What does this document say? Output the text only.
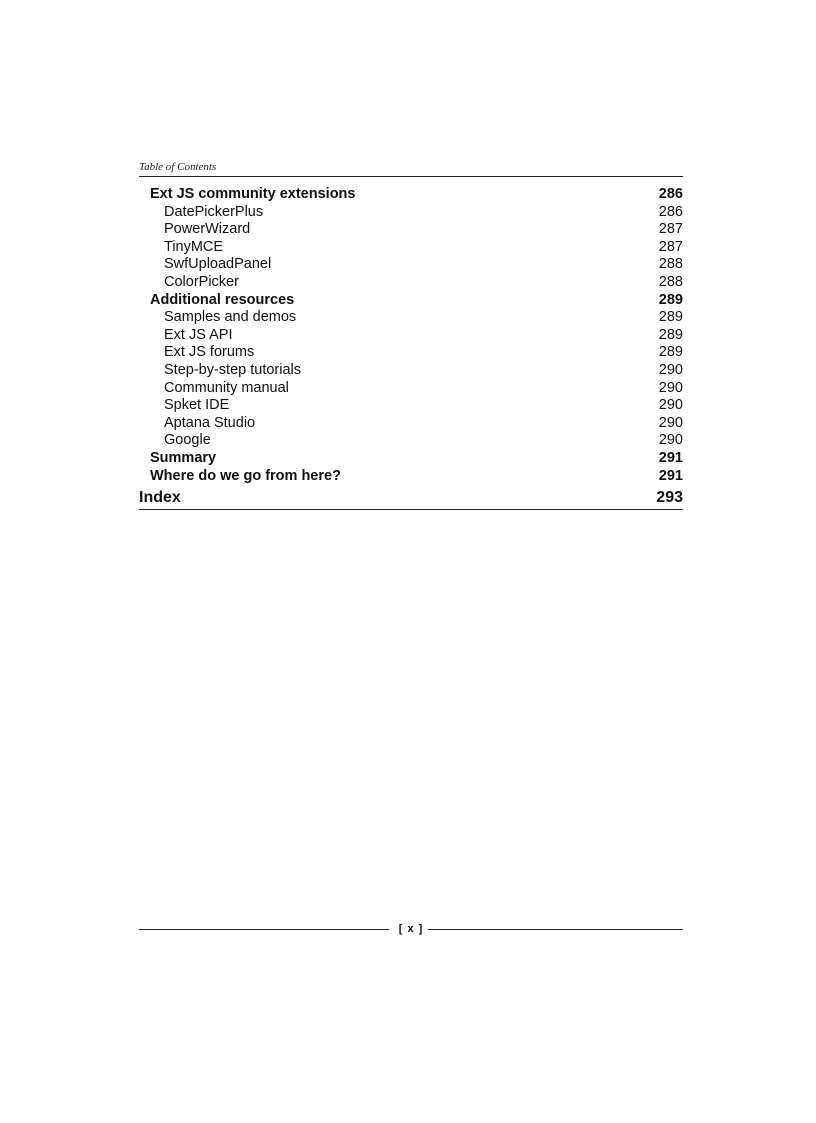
Table of Contents
Ext JS community extensions	286
DatePickerPlus	286
PowerWizard	287
TinyMCE	287
SwfUploadPanel	288
ColorPicker	288
Additional resources	289
Samples and demos	289
Ext JS API	289
Ext JS forums	289
Step-by-step tutorials	290
Community manual	290
Spket IDE	290
Aptana Studio	290
Google	290
Summary	291
Where do we go from here?	291
Index	293
[ x ]
